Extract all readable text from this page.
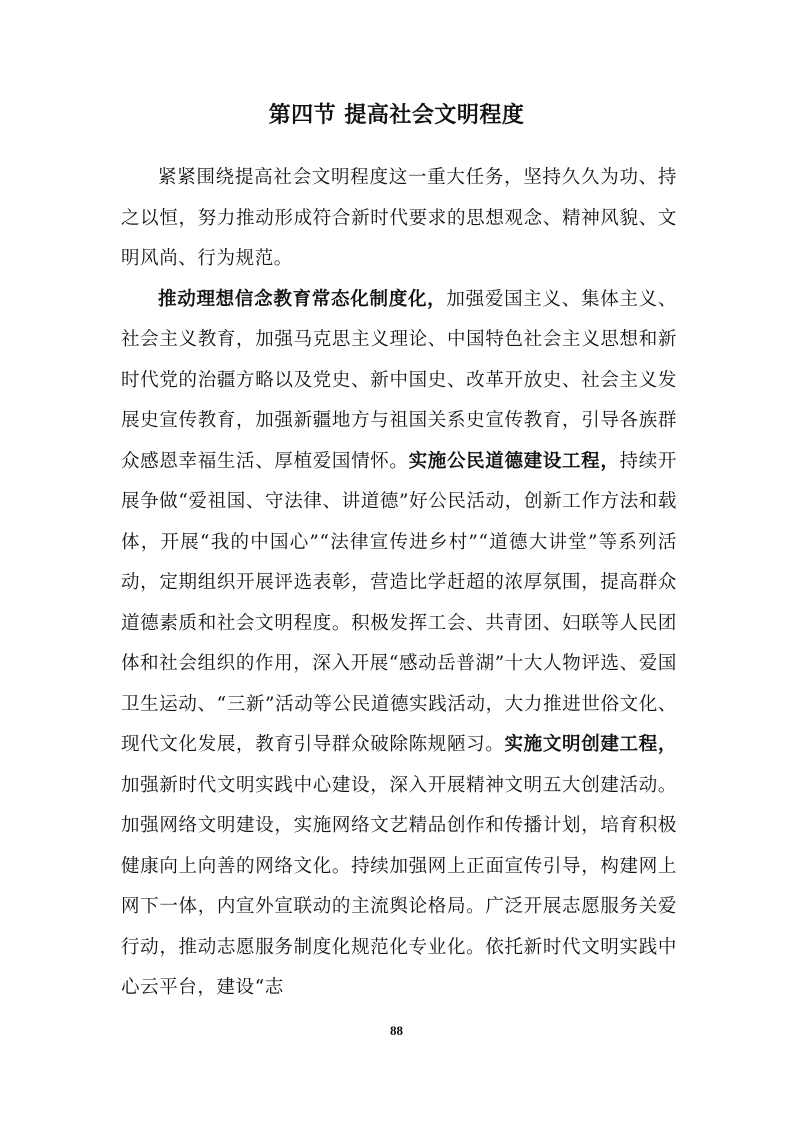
第四节 提高社会文明程度

紧紧围绕提高社会文明程度这一重大任务，坚持久久为功、持之以恒，努力推动形成符合新时代要求的思想观念、精神风貌、文明风尚、行为规范。

推动理想信念教育常态化制度化，加强爱国主义、集体主义、社会主义教育，加强马克思主义理论、中国特色社会主义思想和新时代党的治疆方略以及党史、新中国史、改革开放史、社会主义发展史宣传教育，加强新疆地方与祖国关系史宣传教育，引导各族群众感恩幸福生活、厚植爱国情怀。实施公民道德建设工程，持续开展争做“爱祖国、守法律、讲道德”好公民活动，创新工作方法和载体，开展“我的中国心”“法律宣传进乡村”“道德大讲堂”等系列活动，定期组织开展评选表彰，营造比学赶超的浓厚氛围，提高群众道德素质和社会文明程度。积极发挥工会、共青团、妇联等人民团体和社会组织的作用，深入开展“感动岳普湖”十大人物评选、爱国卫生运动、“三新”活动等公民道德实践活动，大力推进世俗文化、现代文化发展，教育引导群众破除陈规陋习。实施文明创建工程，加强新时代文明实践中心建设，深入开展精神文明五大创建活动。加强网络文明建设，实施网络文艺精品创作和传播计划，培育积极健康向上向善的网络文化。持续加强网上正面宣传引导，构建网上网下一体，内宣外宣联动的主流舆论格局。广泛开展志愿服务关爱行动，推动志愿服务制度化规范化专业化。依托新时代文明实践中心云平台，建设“志

88
